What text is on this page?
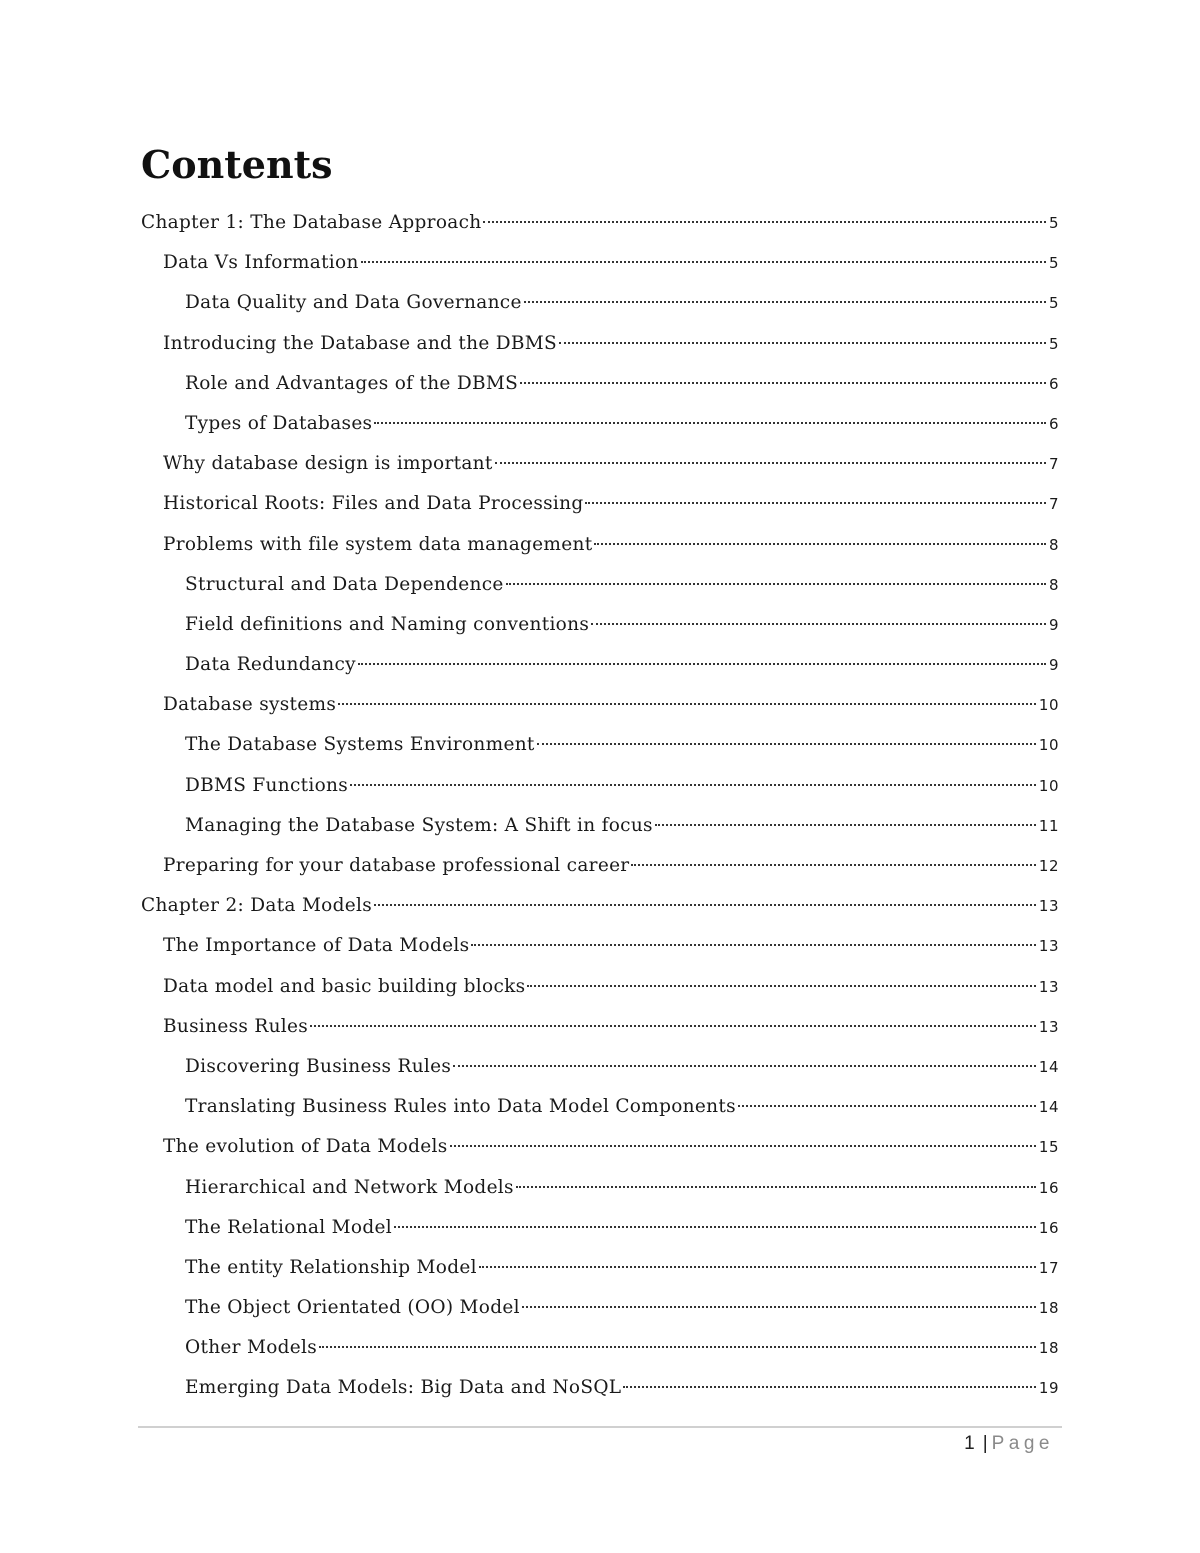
Contents
Chapter 1: The Database Approach	5
Data Vs Information	5
Data Quality and Data Governance	5
Introducing the Database and the DBMS	5
Role and Advantages of the DBMS	6
Types of Databases	6
Why database design is important	7
Historical Roots: Files and Data Processing	7
Problems with file system data management	8
Structural and Data Dependence	8
Field definitions and Naming conventions	9
Data Redundancy	9
Database systems	10
The Database Systems Environment	10
DBMS Functions	10
Managing the Database System: A Shift in focus	11
Preparing for your database professional career	12
Chapter 2: Data Models	13
The Importance of Data Models	13
Data model and basic building blocks	13
Business Rules	13
Discovering Business Rules	14
Translating Business Rules into Data Model Components	14
The evolution of Data Models	15
Hierarchical and Network Models	16
The Relational Model	16
The entity Relationship Model	17
The Object Orientated (OO) Model	18
Other Models	18
Emerging Data Models: Big Data and NoSQL	19
1 | Page
